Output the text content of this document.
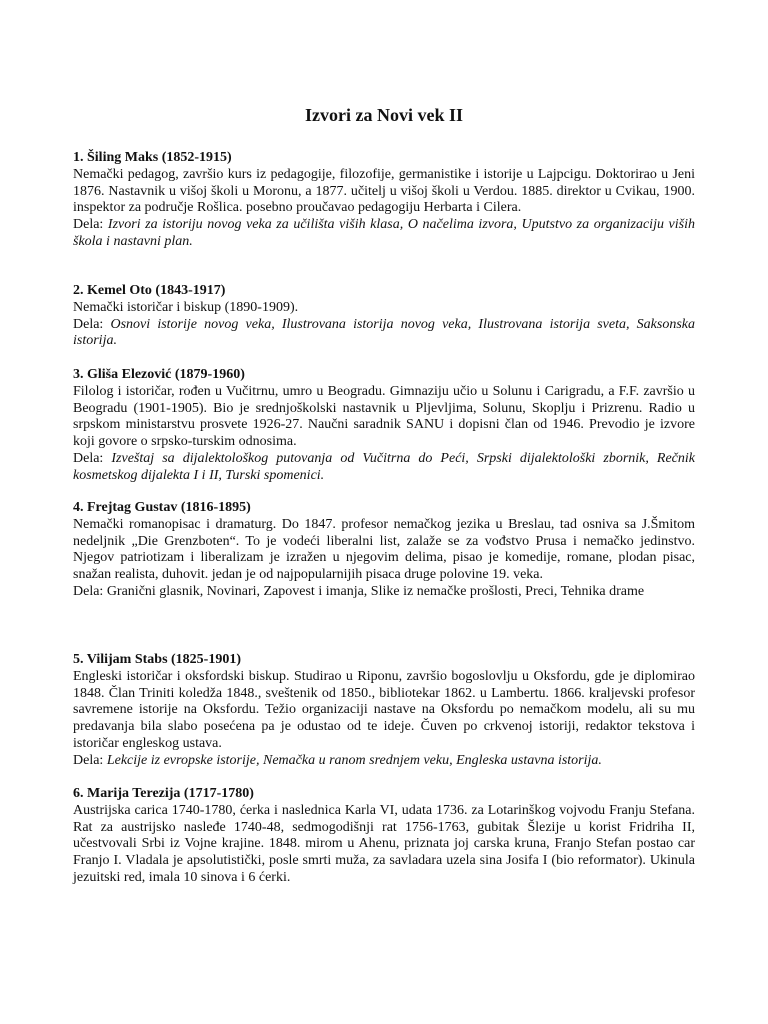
Izvori za Novi vek II

1. Šiling Maks (1852-1915)

Nemački pedagog, završio kurs iz pedagogije, filozofije, germanistike i istorije u Lajpcigu. Doktorirao u Jeni 1876. Nastavnik u višoj školi u Moronu, a 1877. učitelj u višoj školi u Verdou. 1885. direktor u Cvikau, 1900. inspektor za područje Rošlica. posebno proučavao pedagogiju Herbarta i Cilera.

Dela: Izvori za istoriju novog veka za učilišta viših klasa, O načelima izvora, Uputstvo za organizaciju viših škola i nastavni plan.

2. Kemel Oto (1843-1917)

Nemački istoričar i biskup (1890-1909).

Dela: Osnovi istorije novog veka, Ilustrovana istorija novog veka, Ilustrovana istorija sveta, Saksonska istorija.

3. Gliša Elezović (1879-1960)

Filolog i istoričar, rođen u Vučitrnu, umro u Beogradu. Gimnaziju učio u Solunu i Carigradu, a F.F. završio u Beogradu (1901-1905). Bio je srednjoškolski nastavnik u Pljevljima, Solunu, Skoplju i Prizrenu. Radio u srpskom ministarstvu prosvete 1926-27. Naučni saradnik SANU i dopisni član od 1946. Prevodio je izvore koji govore o srpsko-turskim odnosima.

Dela: Izveštaj sa dijalektološkog putovanja od Vučitrna do Peći, Srpski dijalektološki zbornik, Rečnik kosmetskog dijalekta I i II, Turski spomenici.

4. Frejtag Gustav (1816-1895)

Nemački romanopisac i dramaturg. Do 1847. profesor nemačkog jezika u Breslau, tad osniva sa J.Šmitom nedeljnik „Die Grenzboten“. To je vodeći liberalni list, zalaže se za vođstvo Prusa i nemačko jedinstvo. Njegov patriotizam i liberalizam je izražen u njegovim delima, pisao je komedije, romane, plodan pisac, snažan realista, duhovit. jedan je od najpopularnijih pisaca druge polovine 19. veka.

Dela: Granični glasnik, Novinari, Zapovest i imanja, Slike iz nemačke prošlosti, Preci, Tehnika drame

5. Vilijam Stabs (1825-1901)

Engleski istoričar i oksfordski biskup. Studirao u Riponu, završio bogoslovlju u Oksfordu, gde je diplomirao 1848. Član Triniti koledža 1848., sveštenik od 1850., bibliotekar 1862. u Lambertu. 1866. kraljevski profesor savremene istorije na Oksfordu. Težio organizaciji nastave na Oksfordu po nemačkom modelu, ali su mu predavanja bila slabo posećena pa je odustao od te ideje. Čuven po crkvenoj istoriji, redaktor tekstova i istoričar engleskog ustava.

Dela: Lekcije iz evropske istorije, Nemačka u ranom srednjem veku, Engleska ustavna istorija.

6. Marija Terezija (1717-1780)

Austrijska carica 1740-1780, ćerka i naslednica Karla VI, udata 1736. za Lotarinškog vojvodu Franju Stefana. Rat za austrijsko nasleđe 1740-48, sedmogodišnji rat 1756-1763, gubitak Šlezije u korist Fridriha II, učestvovali Srbi iz Vojne krajine. 1848. mirom u Ahenu, priznata joj carska kruna, Franjo Stefan postao car Franjo I. Vladala je apsolutistički, posle smrti muža, za savladara uzela sina Josifa I (bio reformator). Ukinula jezuitski red, imala 10 sinova i 6 ćerki.
